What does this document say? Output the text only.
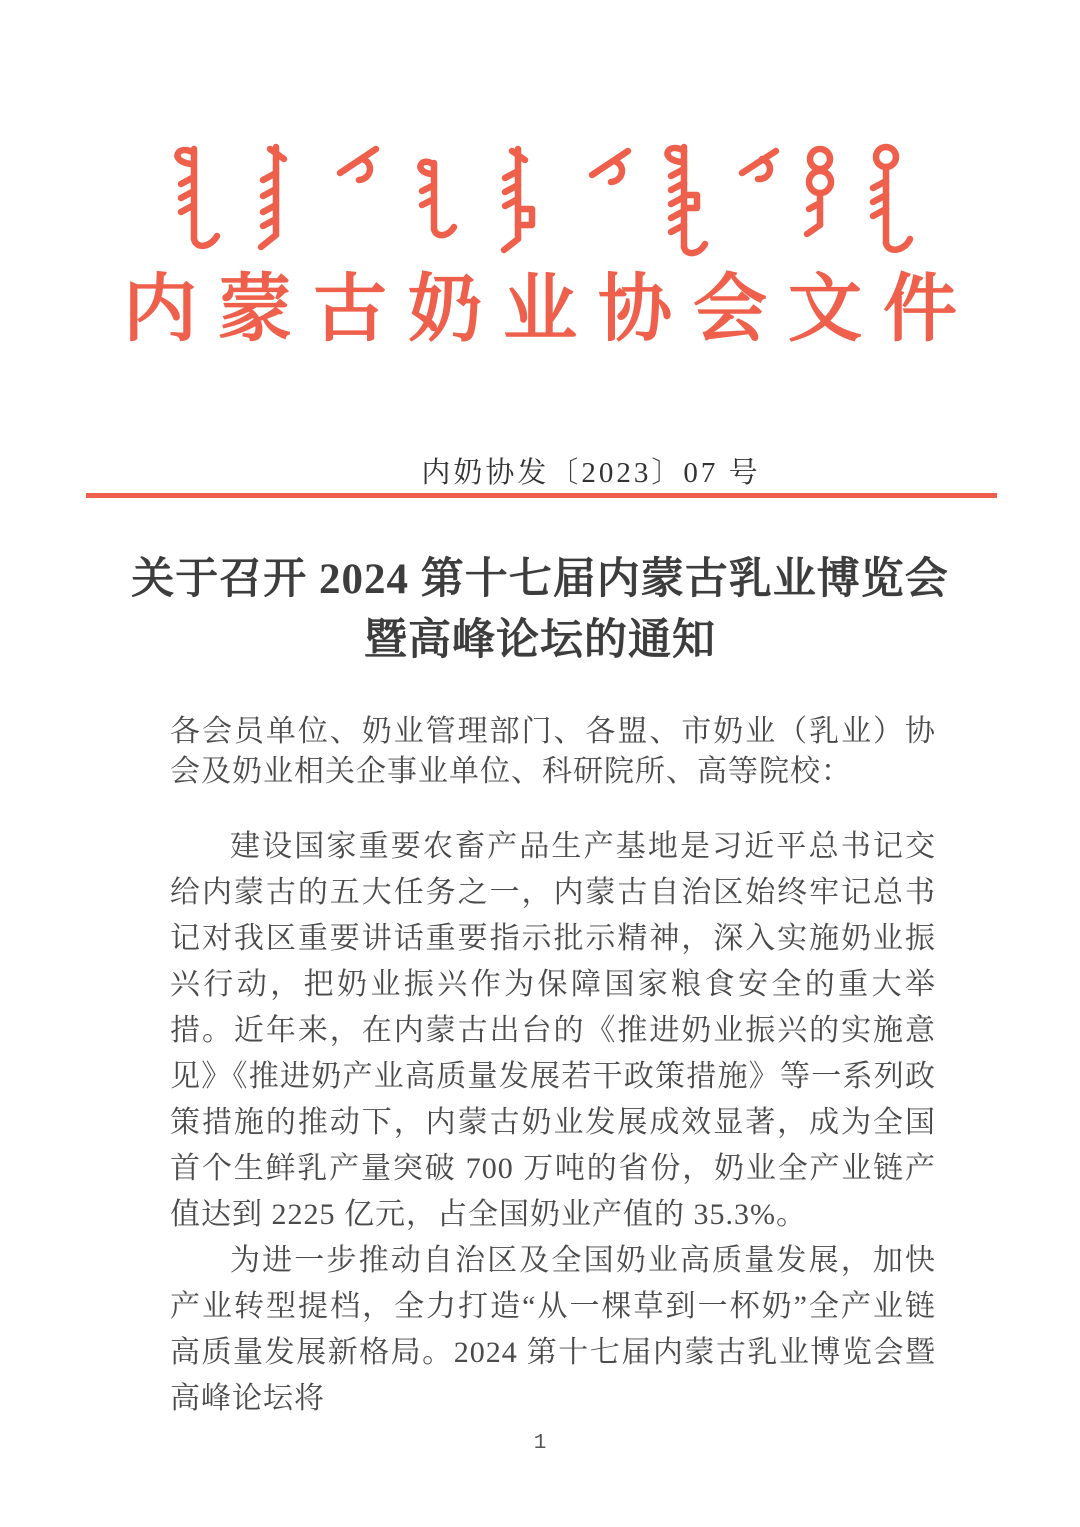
内蒙古奶业协会文件
内奶协发〔2023〕07 号
关于召开 2024 第十七届内蒙古乳业博览会
暨高峰论坛的通知

各会员单位、奶业管理部门、各盟、市奶业（乳业）协会及奶业相关企事业单位、科研院所、高等院校：

建设国家重要农畜产品生产基地是习近平总书记交给内蒙古的五大任务之一，内蒙古自治区始终牢记总书记对我区重要讲话重要指示批示精神，深入实施奶业振兴行动，把奶业振兴作为保障国家粮食安全的重大举措。近年来，在内蒙古出台的《推进奶业振兴的实施意见》《推进奶产业高质量发展若干政策措施》等一系列政策措施的推动下，内蒙古奶业发展成效显著，成为全国首个生鲜乳产量突破 700 万吨的省份，奶业全产业链产值达到 2225 亿元，占全国奶业产值的 35.3%。

为进一步推动自治区及全国奶业高质量发展，加快产业转型提档，全力打造“从一棵草到一杯奶”全产业链高质量发展新格局。2024 第十七届内蒙古乳业博览会暨高峰论坛将

1
